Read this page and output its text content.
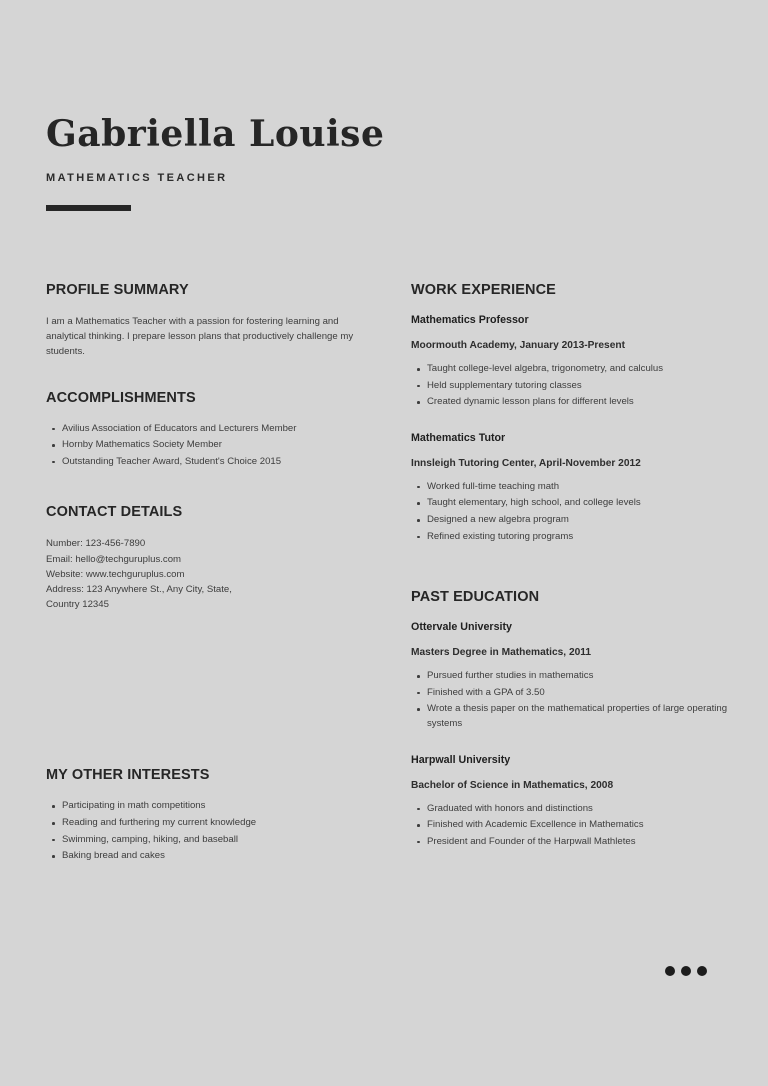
Gabriella Louise

MATHEMATICS TEACHER

PROFILE SUMMARY

I am a Mathematics Teacher with a passion for fostering learning and analytical thinking. I prepare lesson plans that productively challenge my students.

ACCOMPLISHMENTS
Avilius Association of Educators and Lecturers Member
Hornby Mathematics Society Member
Outstanding Teacher Award, Student's Choice 2015
CONTACT DETAILS

Number: 123-456-7890

Email: hello@techguruplus.com

Website: www.techguruplus.com

Address: 123 Anywhere St., Any City, State,

Country 12345

MY OTHER INTERESTS
Participating in math competitions
Reading and furthering my current knowledge
Swimming, camping, hiking, and baseball
Baking bread and cakes
WORK EXPERIENCE
Mathematics Professor

Moormouth Academy, January 2013-Present

Taught college-level algebra, trigonometry, and calculus
Held supplementary tutoring classes
Created dynamic lesson plans for different levels
Mathematics Tutor

Innsleigh Tutoring Center, April-November 2012

Worked full-time teaching math
Taught elementary, high school, and college levels
Designed a new algebra program
Refined existing tutoring programs
PAST EDUCATION
Ottervale University

Masters Degree in Mathematics, 2011

Pursued further studies in mathematics
Finished with a GPA of 3.50
Wrote a thesis paper on the mathematical properties of large operating systems
Harpwall University

Bachelor of Science in Mathematics, 2008

Graduated with honors and distinctions
Finished with Academic Excellence in Mathematics
President and Founder of the Harpwall Mathletes
